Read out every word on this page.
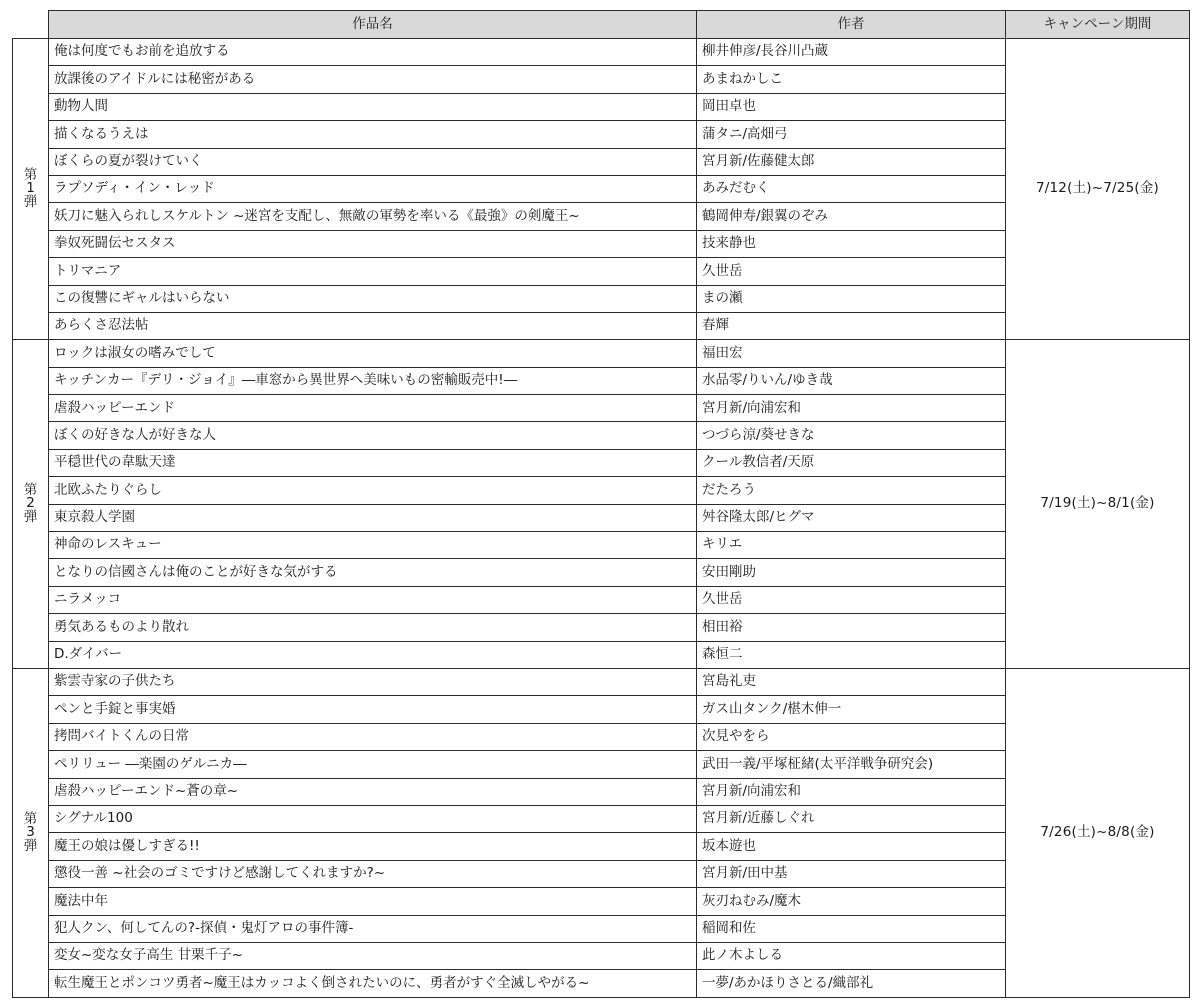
	作品名	作者	キャンペーン期間

第
1
弾	俺は何度でもお前を追放する	柳井伸彦/長谷川凸蔵	7/12(土)~7/25(金)
	放課後のアイドルには秘密がある	あまねかしこ	
	動物人間	岡田卓也	
	描くなるうえは	蒲タニ/高畑弓	
	ぼくらの夏が裂けていく	宮月新/佐藤健太郎	
	ラプソディ・イン・レッド	あみだむく	
	妖刀に魅入られしスケルトン ~迷宮を支配し、無敵の軍勢を率いる《最強》の剣魔王~	鶴岡伸寿/銀翼のぞみ	
	拳奴死闘伝セスタス	技来静也	
	トリマニア	久世岳	
	この復讐にギャルはいらない	まの瀬	
	あらくさ忍法帖	春輝	

第
2
弾	ロックは淑女の嗜みでして	福田宏	7/19(土)~8/1(金)
	キッチンカー『デリ・ジョイ』―車窓から異世界へ美味いもの密輸販売中!―	水品零/りいん/ゆき哉	
	虐殺ハッピーエンド	宮月新/向浦宏和	
	ぼくの好きな人が好きな人	つづら涼/葵せきな	
	平穏世代の韋駄天達	クール教信者/天原	
	北欧ふたりぐらし	だたろう	
	東京殺人学園	舛谷隆太郎/ヒグマ	
	神命のレスキュー	キリエ	
	となりの信國さんは俺のことが好きな気がする	安田剛助	
	ニラメッコ	久世岳	
	勇気あるものより散れ	相田裕	
	D.ダイバー	森恒二	

第
3
弾	紫雲寺家の子供たち	宮島礼吏	7/26(土)~8/8(金)
	ペンと手錠と事実婚	ガス山タンク/椹木伸一	
	拷問バイトくんの日常	次見やをら	
	ペリリュー ―楽園のゲルニカ―	武田一義/平塚柾緒(太平洋戦争研究会)	
	虐殺ハッピーエンド~蒼の章~	宮月新/向浦宏和	
	シグナル100	宮月新/近藤しぐれ	
	魔王の娘は優しすぎる!!	坂本遊也	
	懲役一善 ~社会のゴミですけど感謝してくれますか?~	宮月新/田中基	
	魔法中年	灰刃ねむみ/魔木	
	犯人クン、何してんの?-探偵・鬼灯アロの事件簿-	稲岡和佐	
	変女~変な女子高生 甘栗千子~	此ノ木よしる	
	転生魔王とポンコツ勇者~魔王はカッコよく倒されたいのに、勇者がすぐ全滅しやがる~	一夢/あかほりさとる/織部礼	
